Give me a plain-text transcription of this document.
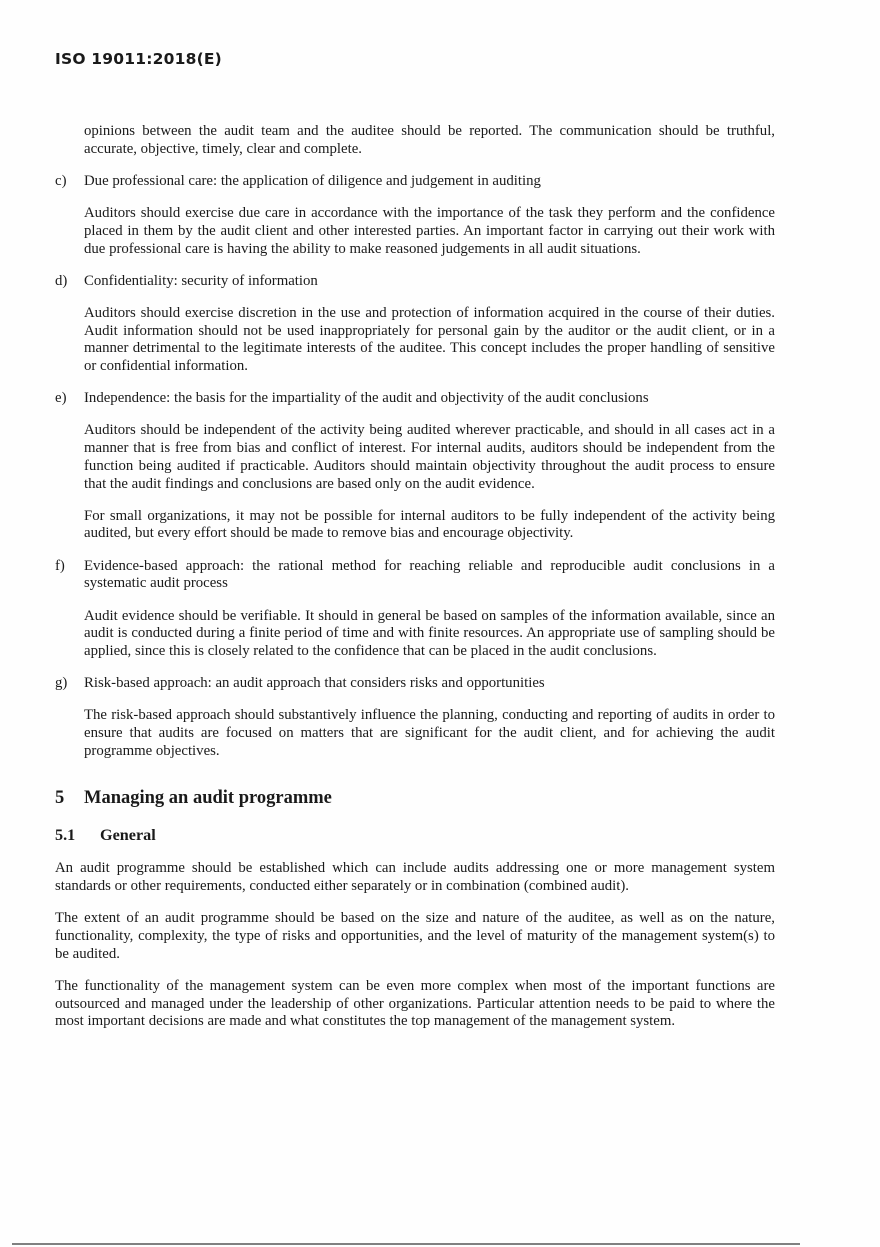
ISO 19011:2018(E)

opinions between the audit team and the auditee should be reported. The communication should be truthful, accurate, objective, timely, clear and complete.

c)	Due professional care: the application of diligence and judgement in auditing

Auditors should exercise due care in accordance with the importance of the task they perform and the confidence placed in them by the audit client and other interested parties. An important factor in carrying out their work with due professional care is having the ability to make reasoned judgements in all audit situations.

d)	Confidentiality: security of information

Auditors should exercise discretion in the use and protection of information acquired in the course of their duties. Audit information should not be used inappropriately for personal gain by the auditor or the audit client, or in a manner detrimental to the legitimate interests of the auditee. This concept includes the proper handling of sensitive or confidential information.

e)	Independence: the basis for the impartiality of the audit and objectivity of the audit conclusions

Auditors should be independent of the activity being audited wherever practicable, and should in all cases act in a manner that is free from bias and conflict of interest. For internal audits, auditors should be independent from the function being audited if practicable. Auditors should maintain objectivity throughout the audit process to ensure that the audit findings and conclusions are based only on the audit evidence.

For small organizations, it may not be possible for internal auditors to be fully independent of the activity being audited, but every effort should be made to remove bias and encourage objectivity.

f)	Evidence-based approach: the rational method for reaching reliable and reproducible audit conclusions in a systematic audit process

Audit evidence should be verifiable. It should in general be based on samples of the information available, since an audit is conducted during a finite period of time and with finite resources. An appropriate use of sampling should be applied, since this is closely related to the confidence that can be placed in the audit conclusions.

g)	Risk-based approach: an audit approach that considers risks and opportunities

The risk-based approach should substantively influence the planning, conducting and reporting of audits in order to ensure that audits are focused on matters that are significant for the audit client, and for achieving the audit programme objectives.

5 Managing an audit programme
5.1 General

An audit programme should be established which can include audits addressing one or more management system standards or other requirements, conducted either separately or in combination (combined audit).

The extent of an audit programme should be based on the size and nature of the auditee, as well as on the nature, functionality, complexity, the type of risks and opportunities, and the level of maturity of the management system(s) to be audited.

The functionality of the management system can be even more complex when most of the important functions are outsourced and managed under the leadership of other organizations. Particular attention needs to be paid to where the most important decisions are made and what constitutes the top management of the management system.
